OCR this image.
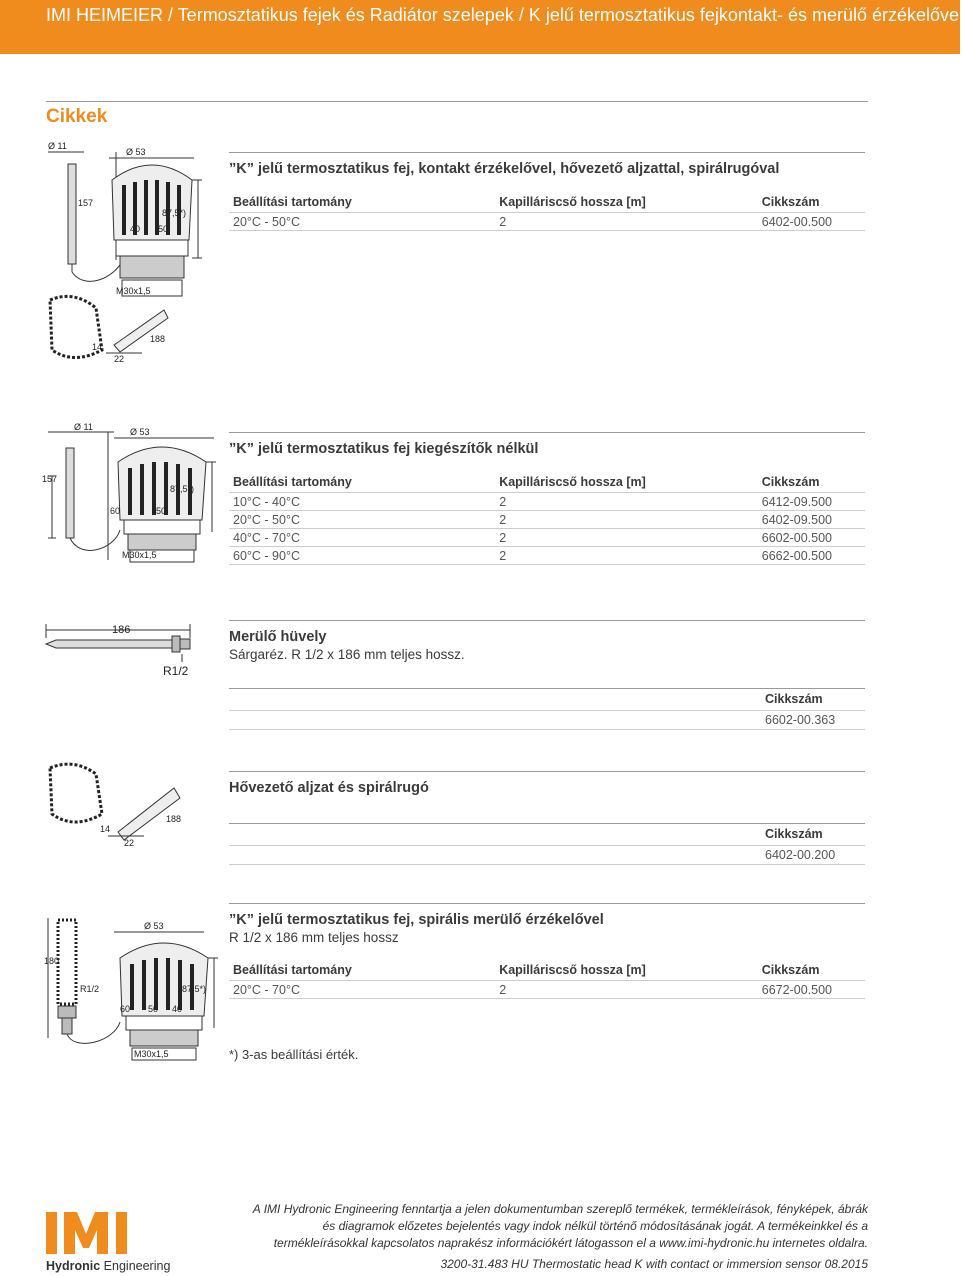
IMI HEIMEIER / Termosztatikus fejek és Radiátor szelepek / K jelű termosztatikus fejkontakt- és merülő érzékelővel
Cikkek
Ø 11
Ø 53
157
87,5*)
M30x1,5
40 50
14
22
188
”K” jelű termosztatikus fej, kontakt érzékelővel, hővezető aljzattal, spirálrugóval
Beállítási tartomány	Kapilláriscső hossza [m]	Cikkszám
20°C - 50°C	2	6402-00.500
Ø 11	Ø 53
157
87,5*)
M30x1,5
60	50
”K” jelű termosztatikus fej kiegészítők nélkül
Beállítási tartomány	Kapilláriscső hossza [m]	Cikkszám
10°C - 40°C	2	6412-09.500
20°C - 50°C	2	6402-09.500
40°C - 70°C	2	6602-00.500
60°C - 90°C	2	6662-00.500
186
R1/2
Merülő hüvely
Sárgaréz. R 1/2 x 186 mm teljes hossz.
Cikkszám
6602-00.363
14
22
188
Hővezető aljzat és spirálrugó
Cikkszám
6402-00.200
Ø 53
180
R1/2	87,5*)
M30x1,5
60 50 40
”K” jelű termosztatikus fej, spirális merülő érzékelővel
R 1/2 x 186 mm teljes hossz
Beállítási tartomány	Kapilláriscső hossza [m]	Cikkszám
20°C - 70°C	2	6672-00.500
*) 3-as beállítási érték.
Hydronic Engineering
A IMI Hydronic Engineering fenntartja a jelen dokumentumban szereplő termékek, termékleírások, fényképek, ábrák és diagramok előzetes bejelentés vagy indok nélkül történő módosításának jogát. A termékeinkkel és a termékleírásokkal kapcsolatos naprakész információkért látogasson el a www.imi-hydronic.hu internetes oldalra.
3200-31.483 HU Thermostatic head K with contact or immersion sensor 08.2015
